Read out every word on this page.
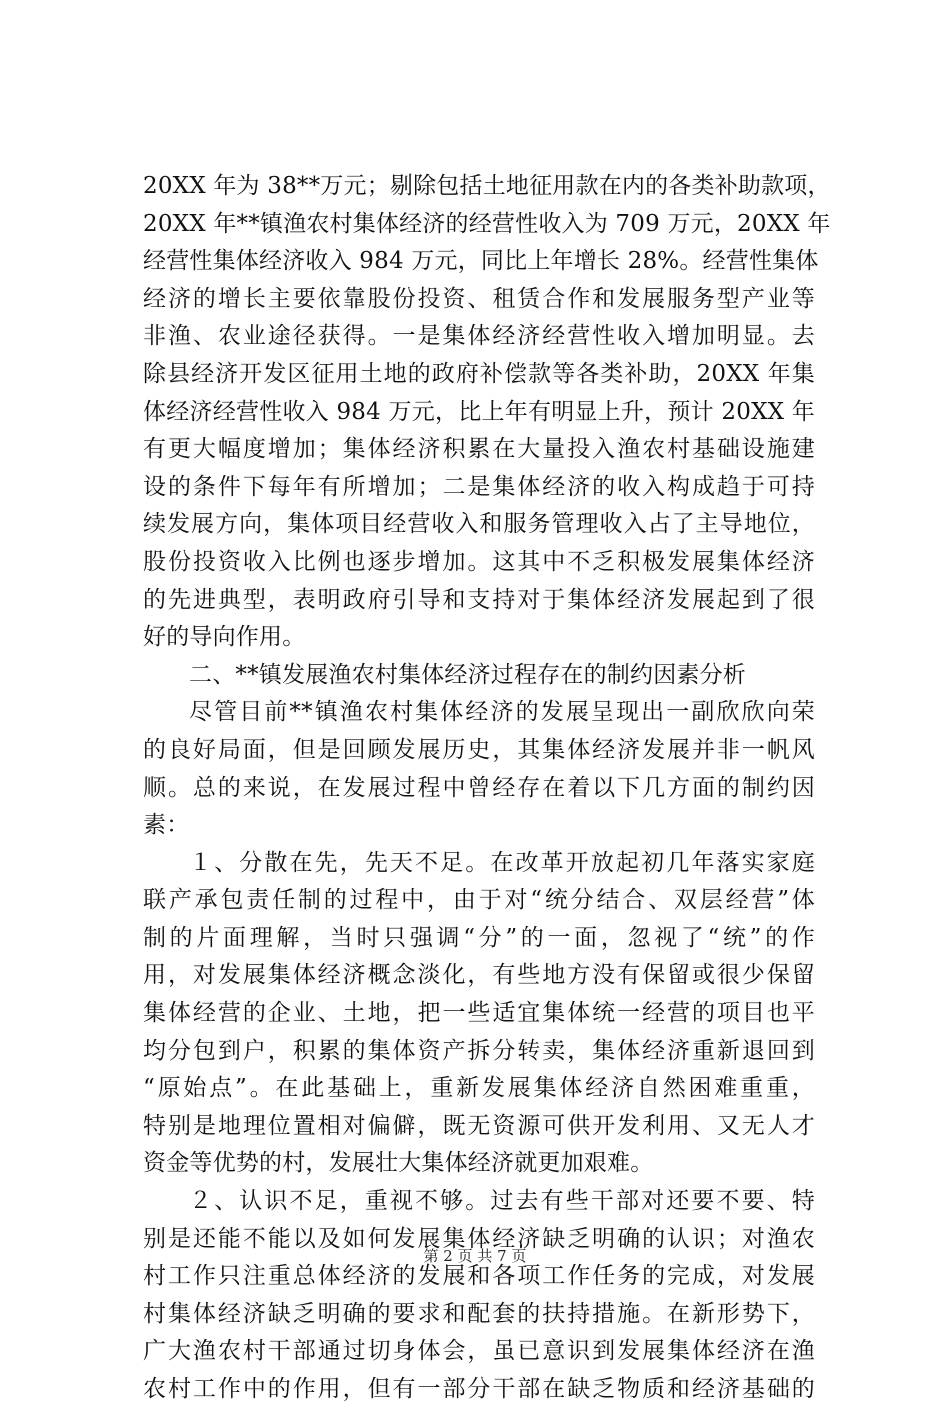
20XX 年为 38**万元；剔除包括土地征用款在内的各类补助款项，
20XX 年**镇渔农村集体经济的经营性收入为 709 万元，20XX 年
经营性集体经济收入 984 万元，同比上年增长 28%。经营性集体
经济的增长主要依靠股份投资、租赁合作和发展服务型产业等
非渔、农业途径获得。一是集体经济经营性收入增加明显。去
除县经济开发区征用土地的政府补偿款等各类补助，20XX 年集
体经济经营性收入 984 万元，比上年有明显上升，预计 20XX 年
有更大幅度增加；集体经济积累在大量投入渔农村基础设施建
设的条件下每年有所增加；二是集体经济的收入构成趋于可持
续发展方向，集体项目经营收入和服务管理收入占了主导地位，
股份投资收入比例也逐步增加。这其中不乏积极发展集体经济
的先进典型，表明政府引导和支持对于集体经济发展起到了很
好的导向作用。
二、**镇发展渔农村集体经济过程存在的制约因素分析
尽管目前**镇渔农村集体经济的发展呈现出一副欣欣向荣
的良好局面，但是回顾发展历史，其集体经济发展并非一帆风
顺。总的来说，在发展过程中曾经存在着以下几方面的制约因
素：
１、分散在先，先天不足。在改革开放起初几年落实家庭
联产承包责任制的过程中，由于对“统分结合、双层经营”体
制的片面理解，当时只强调“分”的一面，忽视了“统”的作
用，对发展集体经济概念淡化，有些地方没有保留或很少保留
集体经营的企业、土地，把一些适宜集体统一经营的项目也平
均分包到户，积累的集体资产拆分转卖，集体经济重新退回到
“原始点”。在此基础上，重新发展集体经济自然困难重重，
特别是地理位置相对偏僻，既无资源可供开发利用、又无人才
资金等优势的村，发展壮大集体经济就更加艰难。
２、认识不足，重视不够。过去有些干部对还要不要、特
别是还能不能以及如何发展集体经济缺乏明确的认识；对渔农
村工作只注重总体经济的发展和各项工作任务的完成，对发展
村集体经济缺乏明确的要求和配套的扶持措施。在新形势下，
广大渔农村干部通过切身体会，虽已意识到发展集体经济在渔
农村工作中的作用，但有一部分干部在缺乏物质和经济基础的
第 2 页 共 7 页
